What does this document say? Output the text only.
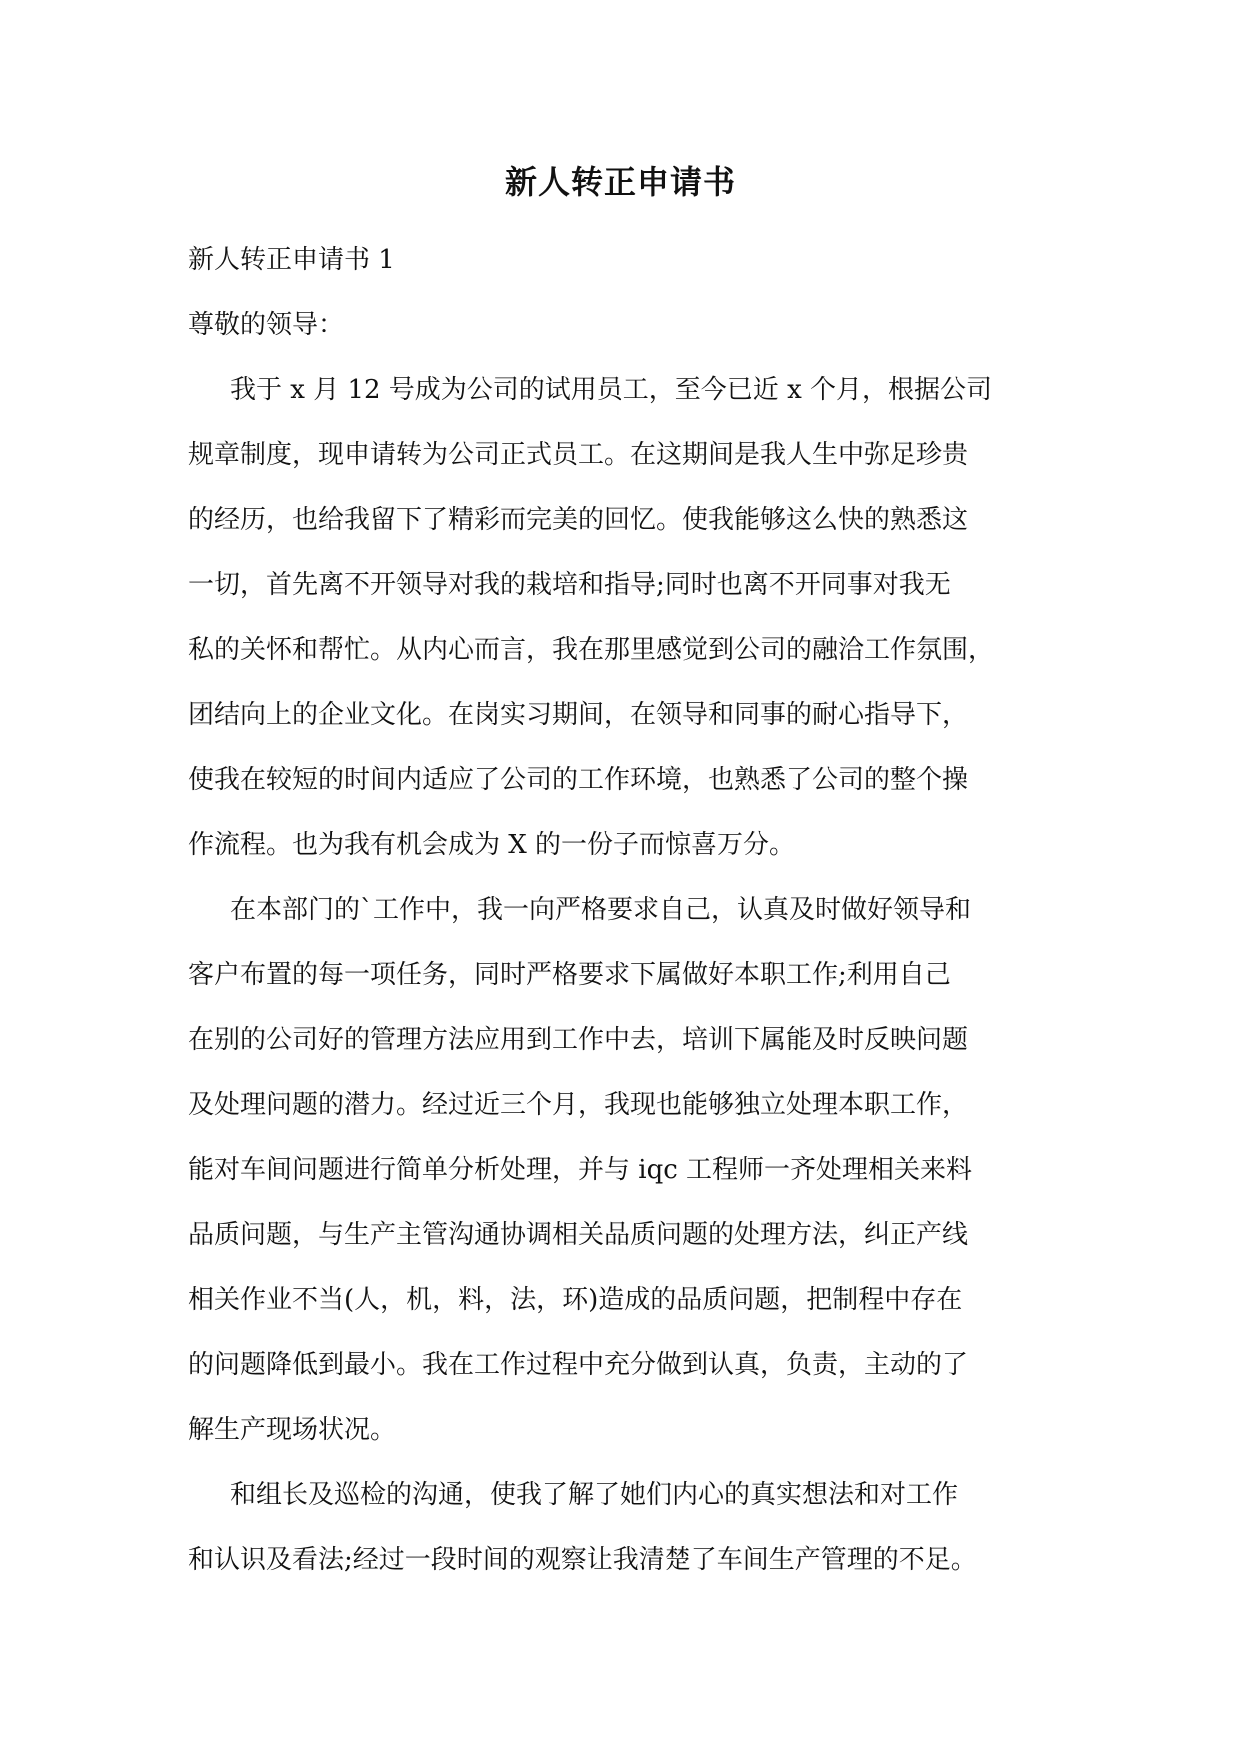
新人转正申请书
新人转正申请书 1
尊敬的领导：
我于 x 月 12 号成为公司的试用员工，至今已近 x 个月，根据公司
规章制度，现申请转为公司正式员工。在这期间是我人生中弥足珍贵
的经历，也给我留下了精彩而完美的回忆。使我能够这么快的熟悉这
一切，首先离不开领导对我的栽培和指导;同时也离不开同事对我无
私的关怀和帮忙。从内心而言，我在那里感觉到公司的融洽工作氛围，
团结向上的企业文化。在岗实习期间，在领导和同事的耐心指导下，
使我在较短的时间内适应了公司的工作环境，也熟悉了公司的整个操
作流程。也为我有机会成为 X 的一份子而惊喜万分。
在本部门的`工作中，我一向严格要求自己，认真及时做好领导和
客户布置的每一项任务，同时严格要求下属做好本职工作;利用自己
在别的公司好的管理方法应用到工作中去，培训下属能及时反映问题
及处理问题的潜力。经过近三个月，我现也能够独立处理本职工作，
能对车间问题进行简单分析处理，并与 iqc 工程师一齐处理相关来料
品质问题，与生产主管沟通协调相关品质问题的处理方法，纠正产线
相关作业不当(人，机，料，法，环)造成的品质问题，把制程中存在
的问题降低到最小。我在工作过程中充分做到认真，负责，主动的了
解生产现场状况。
和组长及巡检的沟通，使我了解了她们内心的真实想法和对工作
和认识及看法;经过一段时间的观察让我清楚了车间生产管理的不足。
